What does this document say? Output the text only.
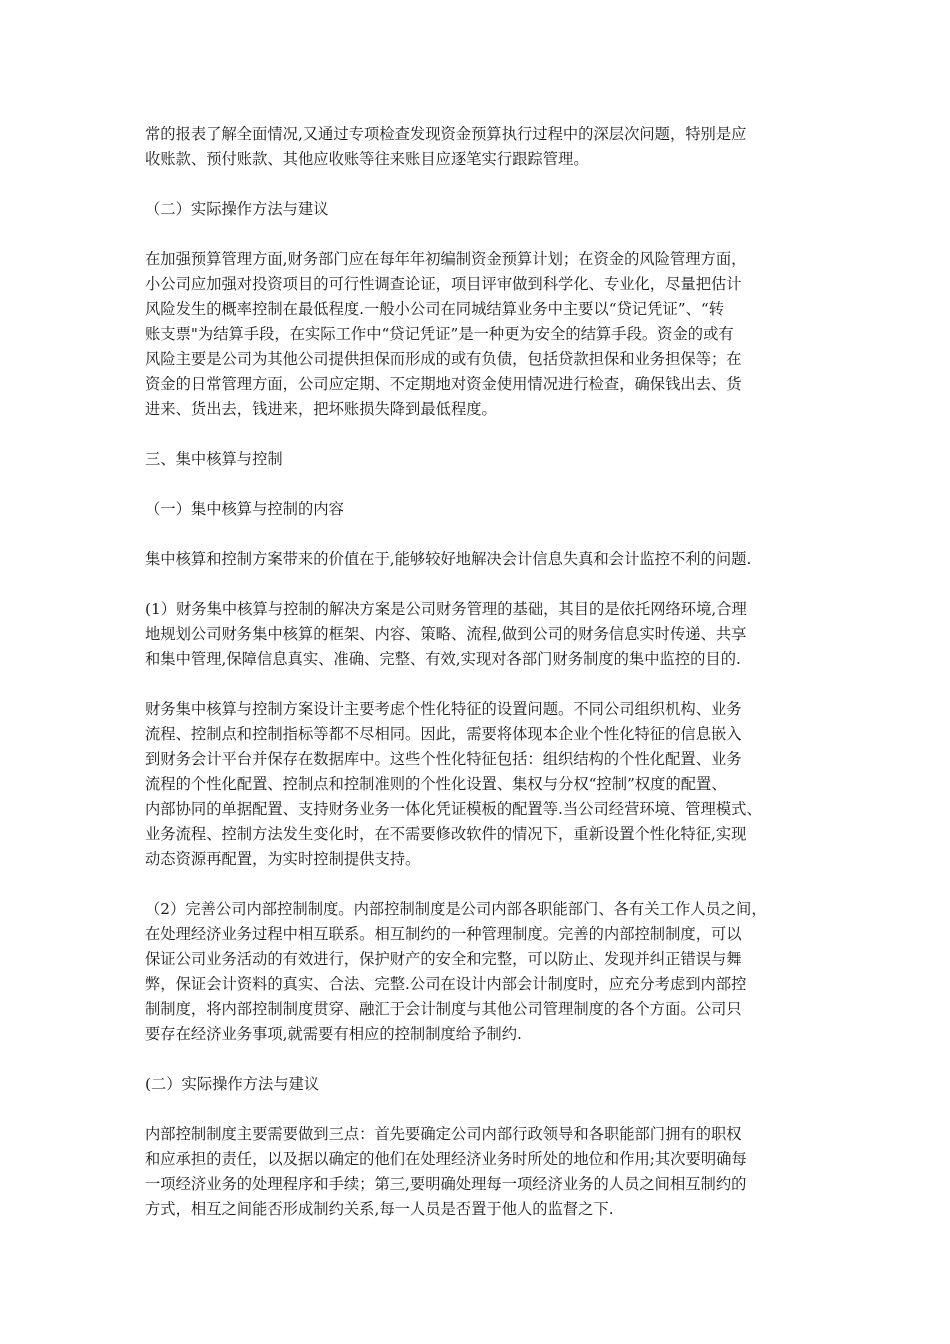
常的报表了解全面情况,又通过专项检查发现资金预算执行过程中的深层次问题，特别是应
收账款、预付账款、其他应收账等往来账目应逐笔实行跟踪管理。

（二）实际操作方法与建议

在加强预算管理方面,财务部门应在每年年初编制资金预算计划；在资金的风险管理方面，
小公司应加强对投资项目的可行性调查论证，项目评审做到科学化、专业化，尽量把估计
风险发生的概率控制在最低程度.一般小公司在同城结算业务中主要以“贷记凭证”、“转
账支票"为结算手段，在实际工作中“贷记凭证”是一种更为安全的结算手段。资金的或有
风险主要是公司为其他公司提供担保而形成的或有负债，包括贷款担保和业务担保等；在
资金的日常管理方面，公司应定期、不定期地对资金使用情况进行检查，确保钱出去、货
进来、货出去，钱进来，把坏账损失降到最低程度。

三、集中核算与控制

（一）集中核算与控制的内容

集中核算和控制方案带来的价值在于,能够较好地解决会计信息失真和会计监控不利的问题.

(1）财务集中核算与控制的解决方案是公司财务管理的基础，其目的是依托网络环境,合理
地规划公司财务集中核算的框架、内容、策略、流程,做到公司的财务信息实时传递、共享
和集中管理,保障信息真实、准确、完整、有效,实现对各部门财务制度的集中监控的目的.

财务集中核算与控制方案设计主要考虑个性化特征的设置问题。不同公司组织机构、业务
流程、控制点和控制指标等都不尽相同。因此，需要将体现本企业个性化特征的信息嵌入
到财务会计平台并保存在数据库中。这些个性化特征包括：组织结构的个性化配置、业务
流程的个性化配置、控制点和控制准则的个性化设置、集权与分权“控制”权度的配置、
内部协同的单据配置、支持财务业务一体化凭证模板的配置等.当公司经营环境、管理模式、
业务流程、控制方法发生变化时，在不需要修改软件的情况下，重新设置个性化特征,实现
动态资源再配置，为实时控制提供支持。

（2）完善公司内部控制制度。内部控制制度是公司内部各职能部门、各有关工作人员之间，
在处理经济业务过程中相互联系。相互制约的一种管理制度。完善的内部控制制度，可以
保证公司业务活动的有效进行，保护财产的安全和完整，可以防止、发现并纠正错误与舞
弊，保证会计资料的真实、合法、完整.公司在设计内部会计制度时，应充分考虑到内部控
制制度，将内部控制制度贯穿、融汇于会计制度与其他公司管理制度的各个方面。公司只
要存在经济业务事项,就需要有相应的控制制度给予制约.

(二）实际操作方法与建议

内部控制制度主要需要做到三点：首先要确定公司内部行政领导和各职能部门拥有的职权
和应承担的责任，以及据以确定的他们在处理经济业务时所处的地位和作用;其次要明确每
一项经济业务的处理程序和手续；第三,要明确处理每一项经济业务的人员之间相互制约的
方式，相互之间能否形成制约关系,每一人员是否置于他人的监督之下.
